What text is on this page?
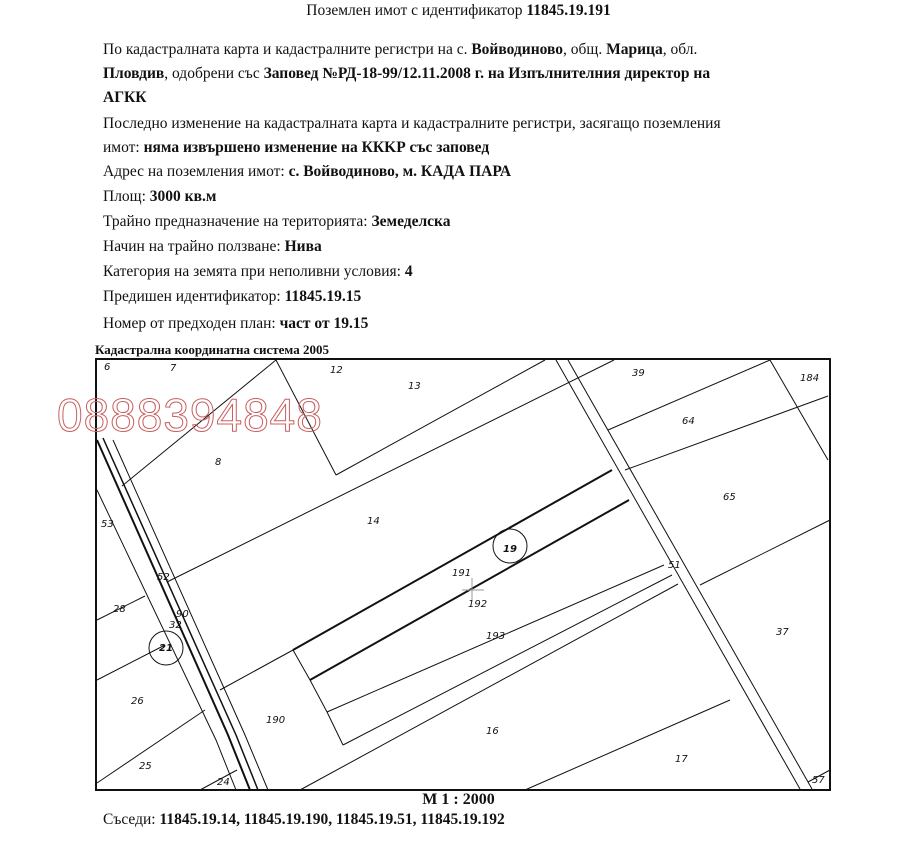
Поземлен имот с идентификатор 11845.19.191
По кадастралната карта и кадастралните регистри на с. Войводиново, общ. Марица, обл.
Пловдив, одобрени със Заповед №РД-18-99/12.11.2008 г. на Изпълнителния директор на
АГКК
Последно изменение на кадастралната карта и кадастралните регистри, засягащо поземления
имот: няма извършено изменение на ККKР със заповед
Адрес на поземления имот: с. Войводиново, м. КАДА ПАРА
Площ: 3000 кв.м
Трайно предназначение на територията: Земеделска
Начин на трайно ползване: Нива
Категория на земята при неполивни условия: 4
Предишен идентификатор: 11845.19.15
Номер от предходен план: част от 19.15
Кадастрална координатна система 2005
6	7	12
13
39	184
64
8
65
53	14
19
51
191
192
52
28	90
32
21
193	37
26
190
16
17
25
24	57
0888394848
М 1 : 2000
Съседи: 11845.19.14, 11845.19.190, 11845.19.51, 11845.19.192
